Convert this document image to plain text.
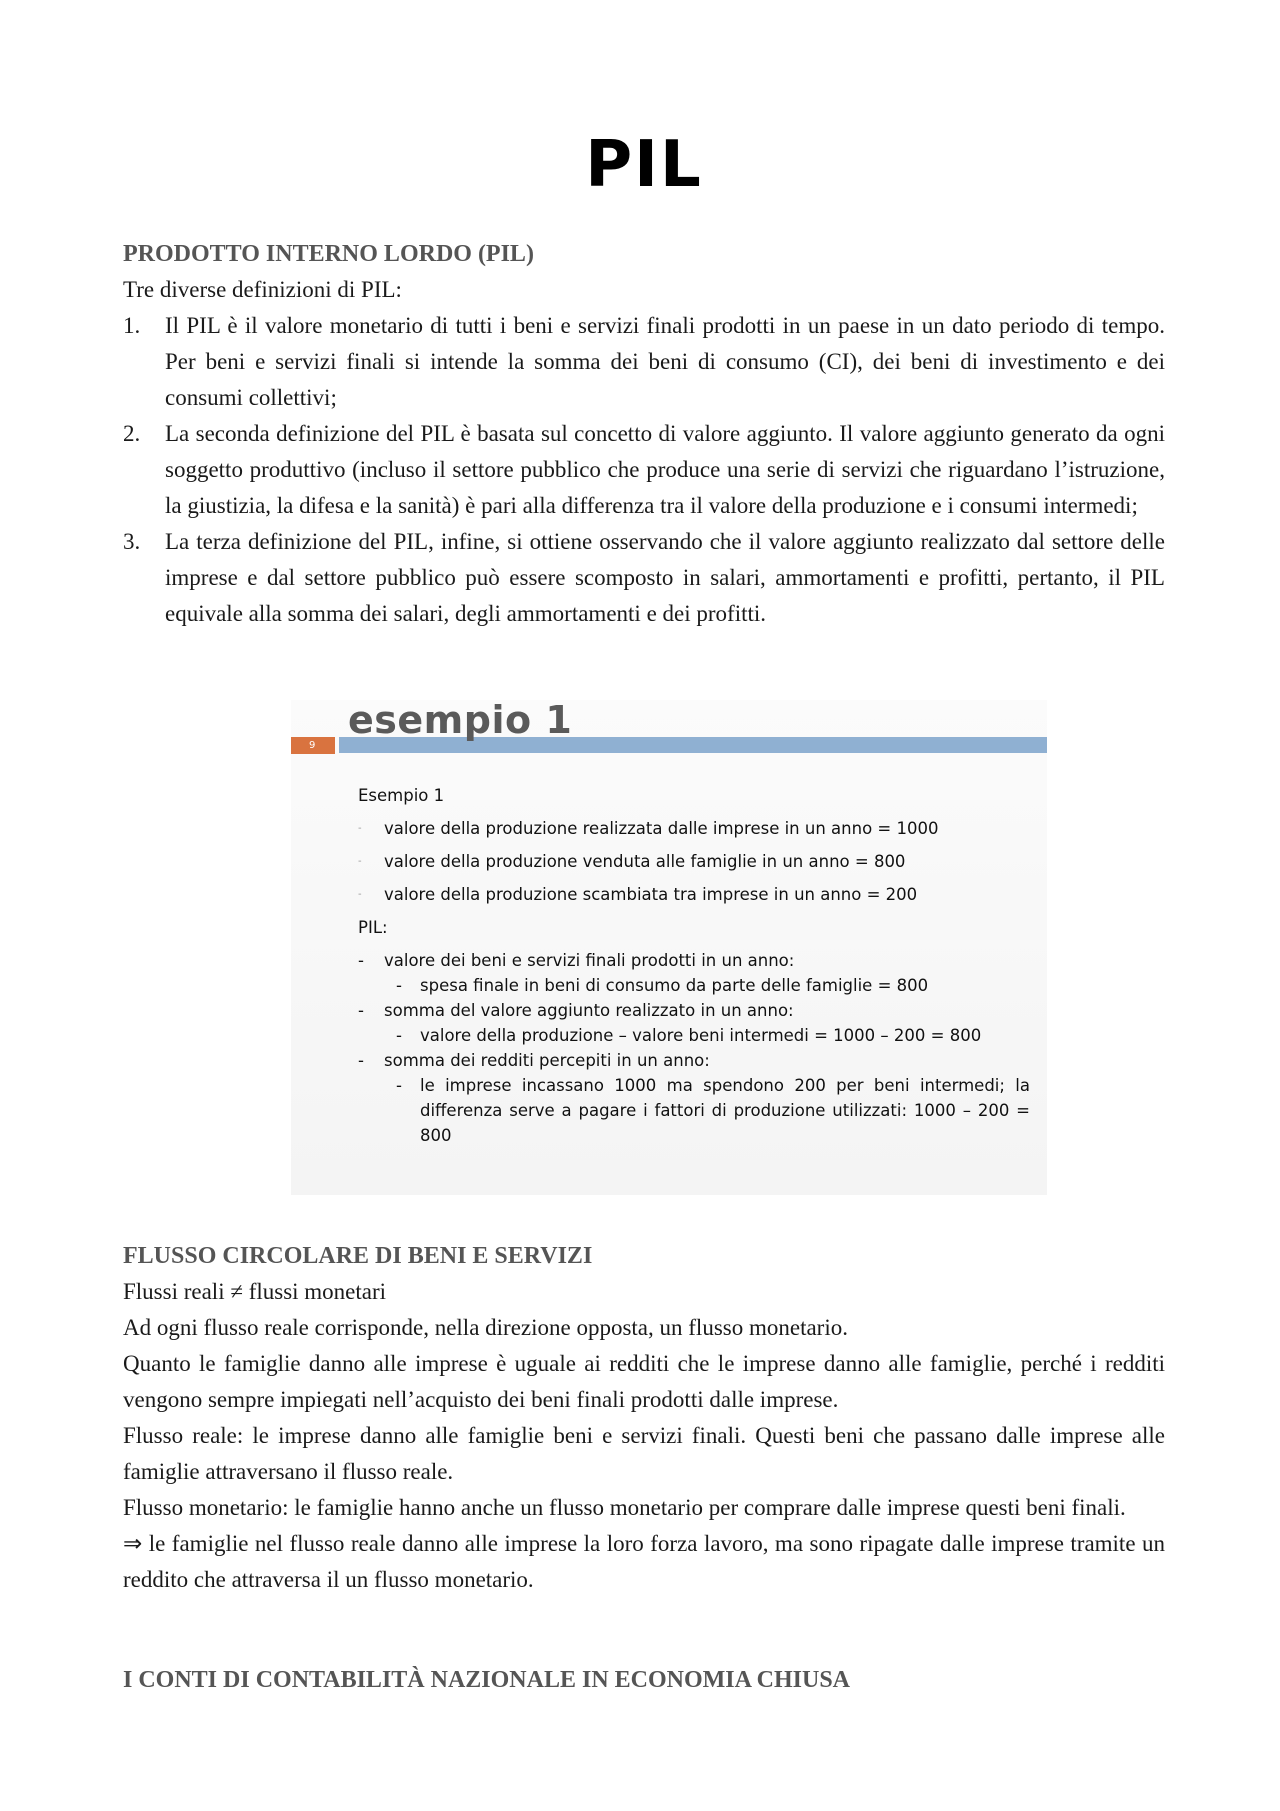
PIL
PRODOTTO INTERNO LORDO (PIL)

Tre diverse definizioni di PIL:

1. Il PIL è il valore monetario di tutti i beni e servizi finali prodotti in un paese in un dato periodo di tempo. Per beni e servizi finali si intende la somma dei beni di consumo (CI), dei beni di investimento e dei consumi collettivi;
2. La seconda definizione del PIL è basata sul concetto di valore aggiunto. Il valore aggiunto generato da ogni soggetto produttivo (incluso il settore pubblico che produce una serie di servizi che riguardano l’istruzione, la giustizia, la difesa e la sanità) è pari alla differenza tra il valore della produzione e i consumi intermedi;
3. La terza definizione del PIL, infine, si ottiene osservando che il valore aggiunto realizzato dal settore delle imprese e dal settore pubblico può essere scomposto in salari, ammortamenti e profitti, pertanto, il PIL equivale alla somma dei salari, degli ammortamenti e dei profitti.
9
esempio 1
Esempio 1
- valore della produzione realizzata dalle imprese in un anno = 1000
- valore della produzione venduta alle famiglie in un anno = 800
- valore della produzione scambiata tra imprese in un anno = 200
PIL:
- valore dei beni e servizi finali prodotti in un anno:
- spesa finale in beni di consumo da parte delle famiglie = 800
- somma del valore aggiunto realizzato in un anno:
- valore della produzione – valore beni intermedi = 1000 – 200 = 800
- somma dei redditi percepiti in un anno:
- le imprese incassano 1000 ma spendono 200 per beni intermedi; la differenza serve a pagare i fattori di produzione utilizzati: 1000 – 200 = 800
FLUSSO CIRCOLARE DI BENI E SERVIZI

Flussi reali ≠ flussi monetari

Ad ogni flusso reale corrisponde, nella direzione opposta, un flusso monetario.

Quanto le famiglie danno alle imprese è uguale ai redditi che le imprese danno alle famiglie, perché i redditi vengono sempre impiegati nell’acquisto dei beni finali prodotti dalle imprese.

Flusso reale: le imprese danno alle famiglie beni e servizi finali. Questi beni che passano dalle imprese alle famiglie attraversano il flusso reale.

Flusso monetario: le famiglie hanno anche un flusso monetario per comprare dalle imprese questi beni finali.

⇒ le famiglie nel flusso reale danno alle imprese la loro forza lavoro, ma sono ripagate dalle imprese tramite un reddito che attraversa il un flusso monetario.

I CONTI DI CONTABILITÀ NAZIONALE IN ECONOMIA CHIUSA
